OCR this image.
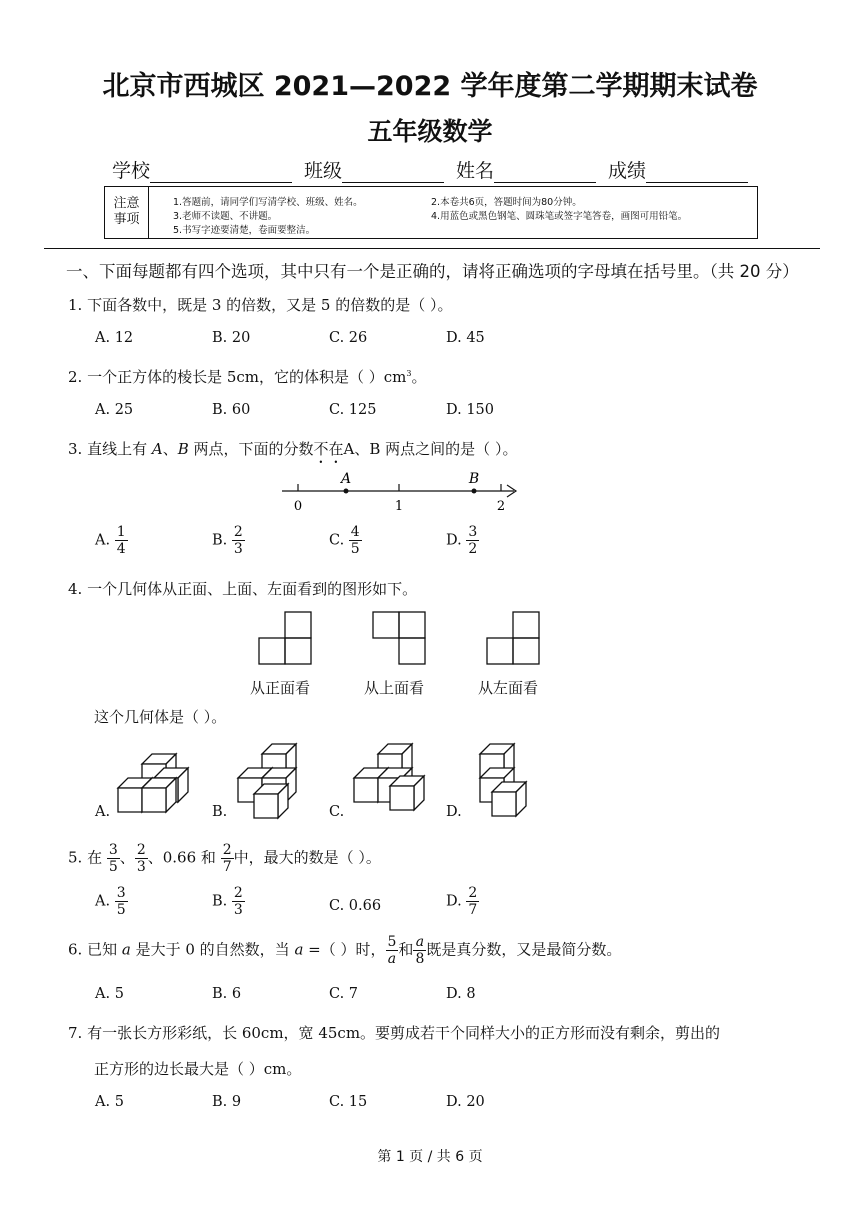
北京市西城区 2021—2022 学年度第二学期期末试卷
五年级数学
学校	班级	姓名	成绩
注意
事项
1.答题前，请同学们写清学校、班级、姓名。	2.本卷共6页，答题时间为80分钟。
3.老师不读题、不讲题。	4.用蓝色或黑色钢笔、圆珠笔或签字笔答卷，画图可用铅笔。
5.书写字迹要清楚，卷面要整洁。
一、下面每题都有四个选项，其中只有一个是正确的，请将正确选项的字母填在括号里。（共 20 分）
1. 下面各数中，既是 3 的倍数，又是 5 的倍数的是（ ）。
A. 12	B. 20	C. 26	D. 45
2. 一个正方体的棱长是 5cm，它的体积是（ ）$cm^3$。
A. 25	B. 60	C. 125	D. 150
3. 直线上有 A、B 两点，下面的分数不在A、B 两点之间的是（ ）。
A	B
0	1	2
A. $\frac{1}{4}$	B. $\frac{2}{3}$	C. $\frac{4}{5}$	D. $\frac{3}{2}$
4. 一个几何体从正面、上面、左面看到的图形如下。
从正面看	从上面看	从左面看
这个几何体是（ ）。
A.	B.	C.	D.
5. 在 $\frac{3}{5}$ 、 $\frac{2}{3}$ 、0.66 和 $\frac{2}{7}$ 中，最大的数是（ ）。
A. $\frac{3}{5}$	B. $\frac{2}{3}$	C. 0.66	D. $\frac{2}{7}$
6. 已知 a 是大于 0 的自然数，当 a =（ ）时， $\frac{5}{a}$ 和 $\frac{a}{8}$ 既是真分数，又是最简分数。
A. 5	B. 6	C. 7	D. 8
7. 有一张长方形彩纸，长 60cm，宽 45cm。要剪成若干个同样大小的正方形而没有剩余，剪出的
正方形的边长最大是（ ）cm。
A. 5	B. 9	C. 15	D. 20
第 1 页 / 共 6 页
